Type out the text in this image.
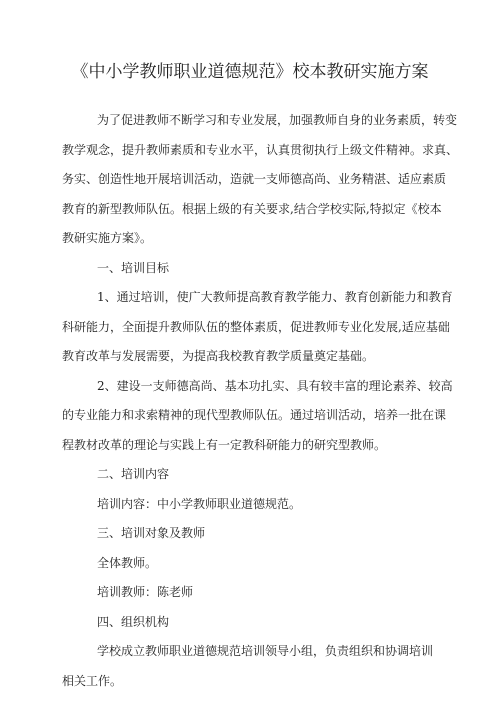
《中小学教师职业道德规范》校本教研实施方案
为了促进教师不断学习和专业发展，加强教师自身的业务素质，转变
教学观念，提升教师素质和专业水平，认真贯彻执行上级文件精神。求真、
务实、创造性地开展培训活动，造就一支师德高尚、业务精湛、适应素质
教育的新型教师队伍。根据上级的有关要求,结合学校实际,特拟定《校本
教研实施方案》。
一、培训目标
1、通过培训，使广大教师提高教育教学能力、教育创新能力和教育
科研能力，全面提升教师队伍的整体素质，促进教师专业化发展,适应基础
教育改革与发展需要，为提高我校教育教学质量奠定基础。
2、建设一支师德高尚、基本功扎实、具有较丰富的理论素养、较高
的专业能力和求索精神的现代型教师队伍。通过培训活动，培养一批在课
程教材改革的理论与实践上有一定教科研能力的研究型教师。
二、培训内容
培训内容：中小学教师职业道德规范。
三、培训对象及教师
全体教师。
培训教师：陈老师
四、组织机构
学校成立教师职业道德规范培训领导小组，负责组织和协调培训
相关工作。
